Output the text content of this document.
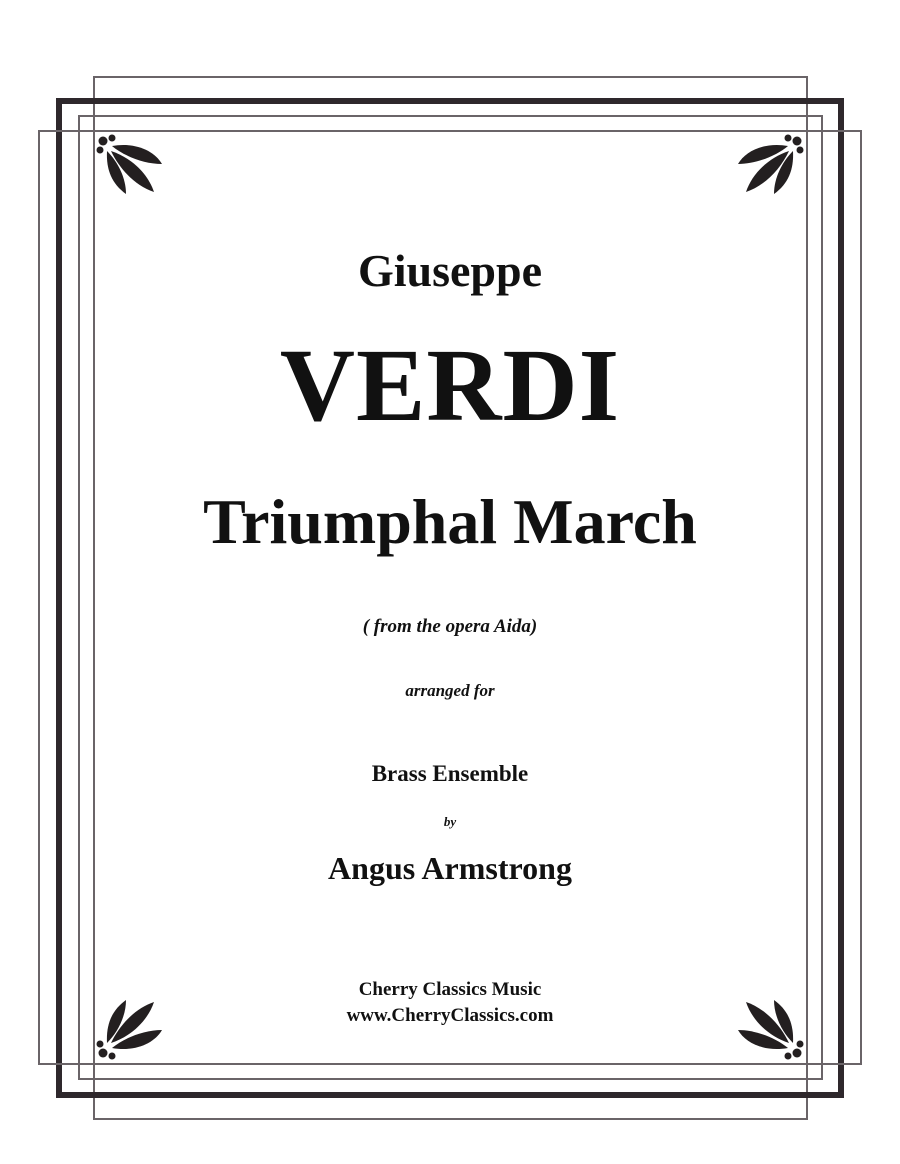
Giuseppe
VERDI
Triumphal March
( from the opera Aida)
arranged for
Brass Ensemble
by
Angus Armstrong
Cherry Classics Music
www.CherryClassics.com
